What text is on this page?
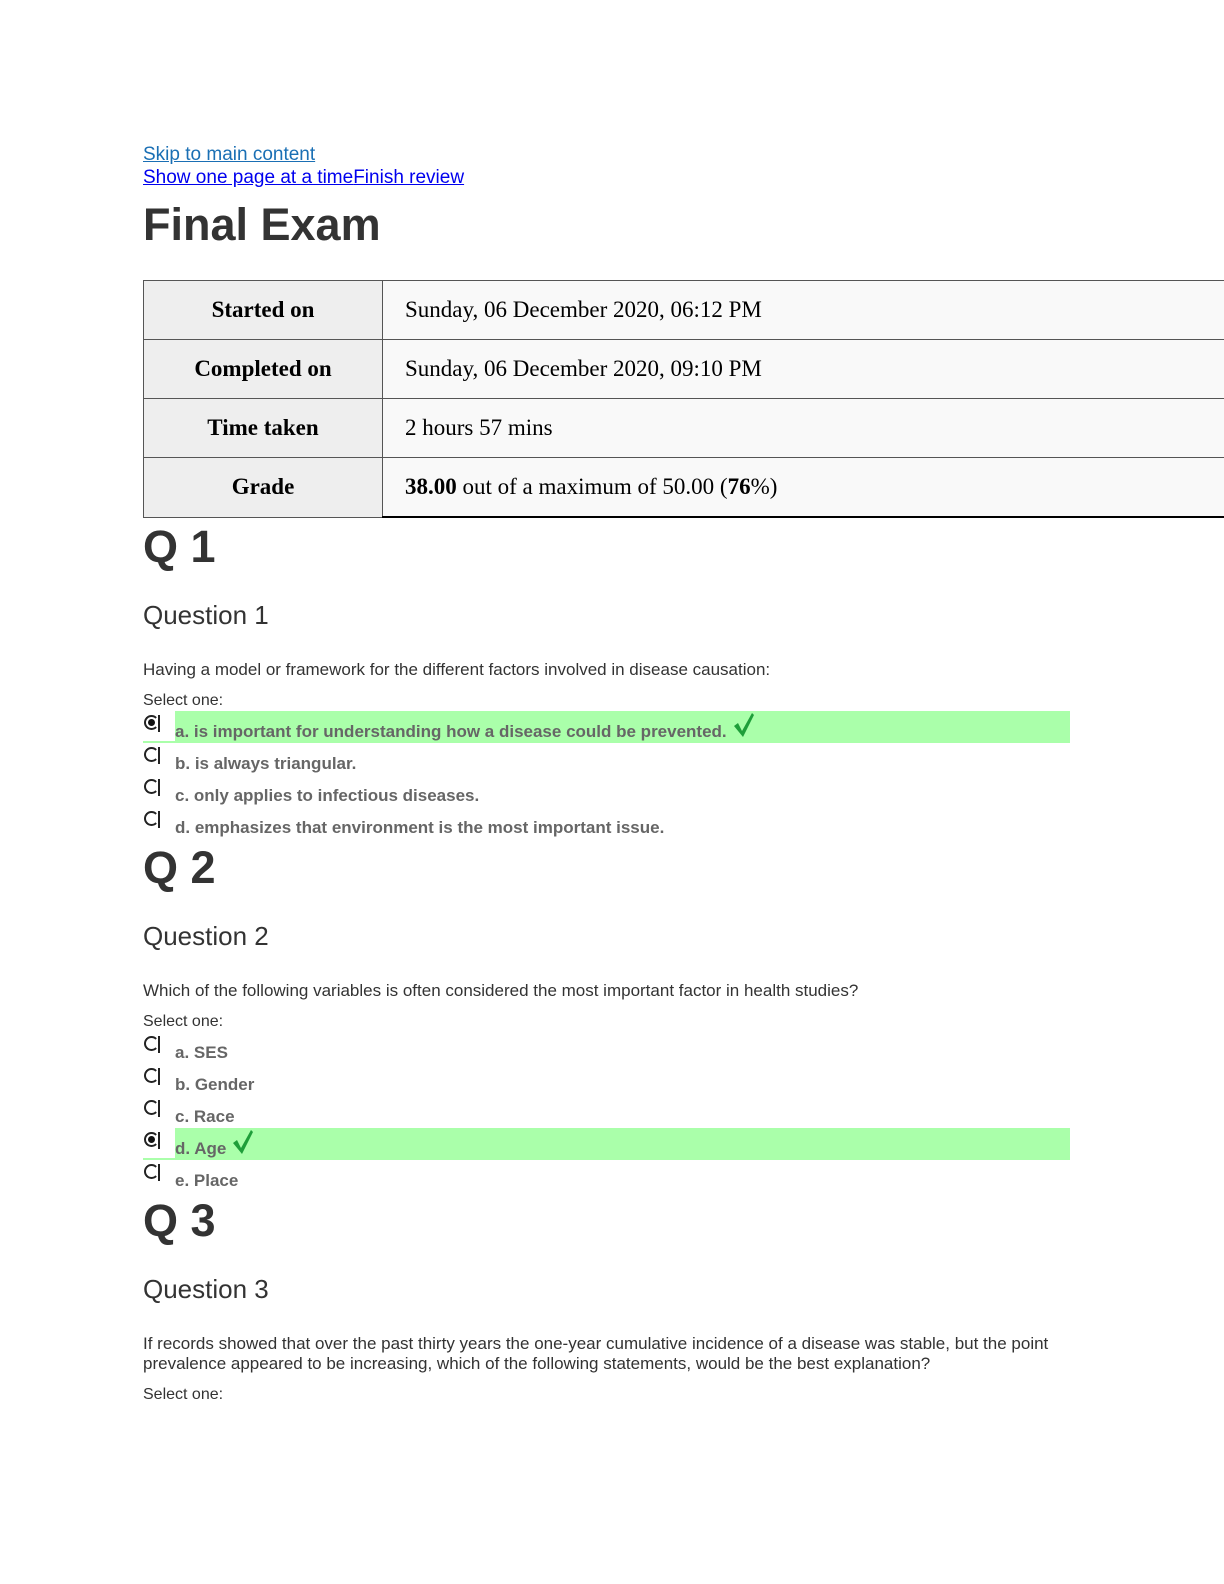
Skip to main content
Show one page at a timeFinish review
Final Exam
Started on	Sunday, 06 December 2020, 06:12 PM
Completed on	Sunday, 06 December 2020, 09:10 PM
Time taken	2 hours 57 mins
Grade	38.00 out of a maximum of 50.00 (76%)
Q 1
Question 1
Having a model or framework for the different factors involved in disease causation:
Select one:
a. is important for understanding how a disease could be prevented.
b. is always triangular.
c. only applies to infectious diseases.
d. emphasizes that environment is the most important issue.
Q 2
Question 2
Which of the following variables is often considered the most important factor in health studies?
Select one:
a. SES
b. Gender
c. Race
d. Age
e. Place
Q 3
Question 3
If records showed that over the past thirty years the one-year cumulative incidence of a disease was stable, but the point prevalence appeared to be increasing, which of the following statements, would be the best explanation?
Select one:
